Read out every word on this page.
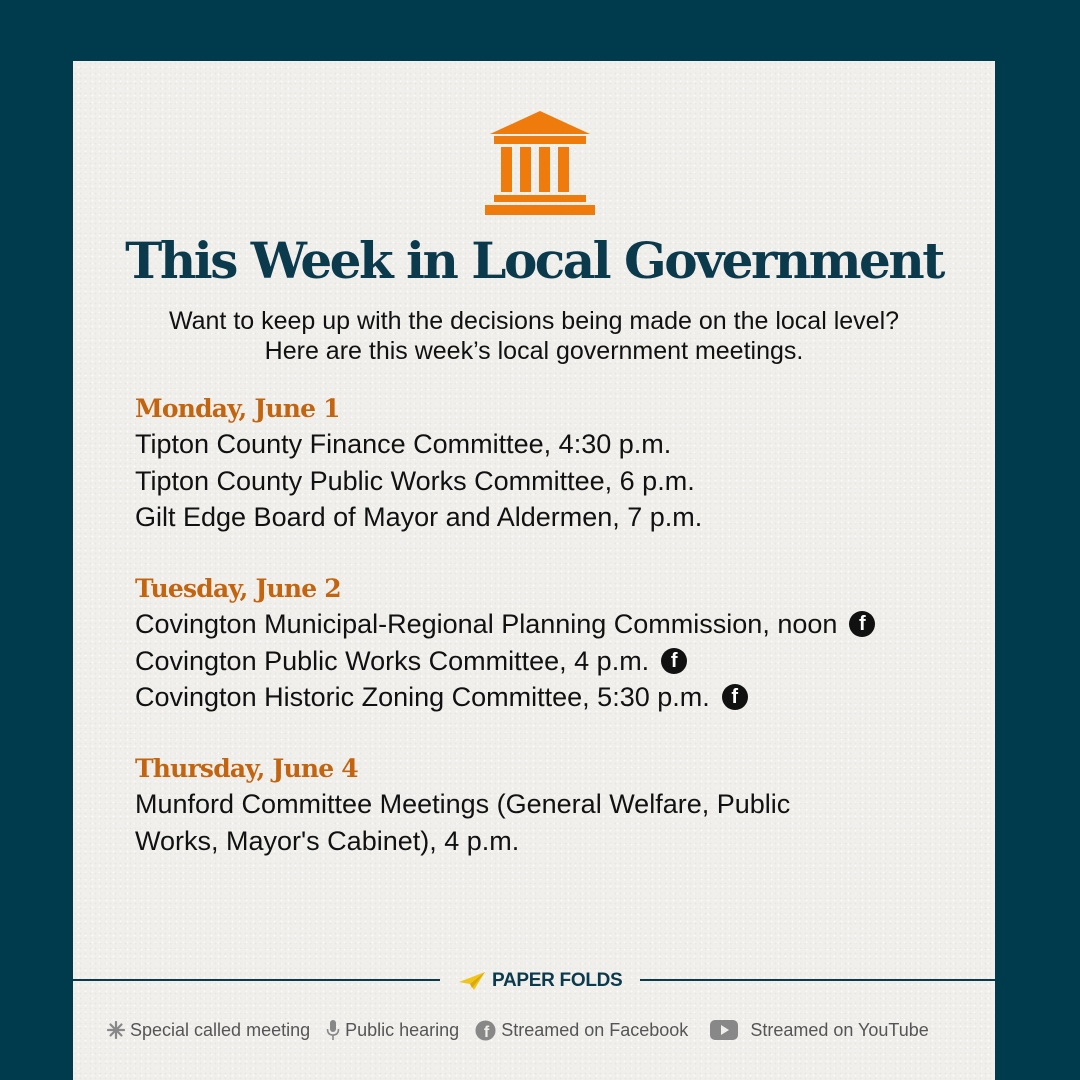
This Week in Local Government
Want to keep up with the decisions being made on the local level? Here are this week’s local government meetings.
Monday, June 1
Tipton County Finance Committee, 4:30 p.m.
Tipton County Public Works Committee, 6 p.m.
Gilt Edge Board of Mayor and Aldermen, 7 p.m.
Tuesday, June 2
Covington Municipal-Regional Planning Commission, noon	f
Covington Public Works Committee, 4 p.m.	f
Covington Historic Zoning Committee, 5:30 p.m.	f
Thursday, June 4
Munford Committee Meetings (General Welfare, Public Works, Mayor's Cabinet), 4 p.m.
PAPER FOLDS
Special called meeting Public hearing f Streamed on Facebook	Streamed on YouTube
